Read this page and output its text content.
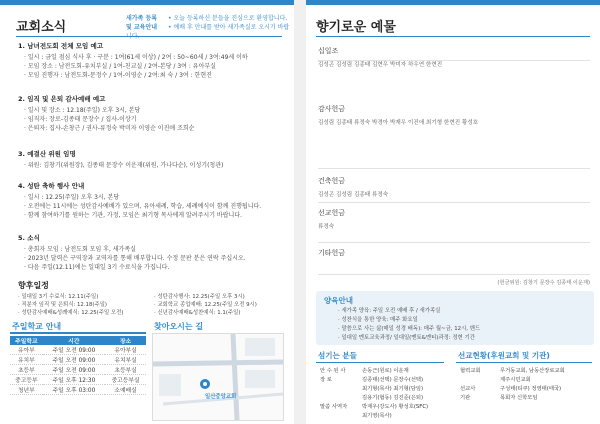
교회소식
새가족 등록 • 오늘 등록하신 분들을 진심으로 환영합니다.
및 교육안내 • 예배 후 안내를 받아 새가족실로 오시기 바랍
1. 남녀전도회 전체 모임 예고
· 일시 : 금일 점심 식사 후 · 구분 : 1여(61세 이상) / 2여 : 50~60세 / 3여:49세 이하
· 모임 장소 : 남전도회-유치부실 / 1여-친교실 / 2여-본당 / 3여 : 유아부실
· 모임 진행자 : 남전도회-문정수 / 1여-이영순 / 2여:최 숙 / 3여 : 한현진
2. 임직 및 은퇴 감사예배 예고
· 일시 및 장소 : 12.18(주일) 오후 3시, 본당
· 임직자: 장로-김종태 문장수 / 집사-이상기
· 은퇴자: 집사-손창근 / 권사-류정숙 박미자 이영순 이진애 조희순
3. 예결산 위원 임명
· 위원: 김창기(위원장), 김종태 문장수 이운재(위원, 가나다순), 이성기(청관)
4. 성탄 축하 행사 안내
· 일시 : 12.25(주일) 오후 3시, 본당
· 오전에는 11시에는 성탄감사예배가 있으며, 유아세례, 학습, 세례예식이 함께 진행됩니다.
· 함께 참여하기를 원하는 기관, 가정, 모임은 최기형 목사에게 알려주시기 바랍니다.
5. 소식
· 총회자 모임 : 남전도회 모임 후, 새가족실
· 2023년 달력은 구역장과 교역자를 통해 배부합니다. 수정 문판 분은 연락 주십시오.
· 다음 주일(12.11)에는 일대일 3기 수료식을 가집니다.
향후일정
· 일대일 3기 수료식: 12.11(주일)
· 직분자 임직 및 은퇴식: 12.18(주일)
· 성탄감사예배&성례예식: 12.25(주일 오전)
· 성탄감사행사: 12.25(주일 오후 3시)
· 교회학교 종업예배: 12.25(주일 오전 9시)
· 신년감사예배&성찬예식: 1.1(주일)
주일학교 안내
주일학교	시간	장소
유아부	주일 오전 09:00	유아부실
유치부	주일 오전 09:00	유치부실
초등부	주일 오전 09:00	초등부실
중고등부	주일 오후 12:30	중고등부실
청년부	주일 오후 03:00	소예배실
찾아오시는 길
일산중앙교회
향기로운 예물
십일조
김성곤 김성림 김종태 김현우 박미자 하우연 한현진
감사헌금
김성림 김종태 류정숙 박경아 박재우 이진애 최기형 한현진 황성호
건축헌금
김성곤 김성림 김종태 류정숙
선교헌금
류정숙
기타헌금
(헌금위원: 김창기 문장수 김종태 이운재)
양육안내
· 새가족 양육: 주일 오전 예배 후 / 새가족실
· 성찬식을 통한 양육: 매주 화요일
· 말씀으로 사는 삶(매일 성경 배독): 매주 월~금, 12시, 밴드
· 일대일 멘토교육과정/ 일대일(멘토&멘티)과정: 정현 기간
섬기는 분들
안 수 된 사	손동근(원로) 이운재
장 로	김종태(선택) 문장수(선택)
최기형(목사) 최기형(담임)
김용기(협동) 김진준(은퇴)
말씀 사역자	박재우(강도사) 황성호(SFC)
최기영(목사)
선교현황(후원교회 및 기관)
협력교회	무거동교회, 남동산장로교회
제주시민교회
선교사	구성태(티쿠) 정영태(태국)
기관	목회자 신학모임
